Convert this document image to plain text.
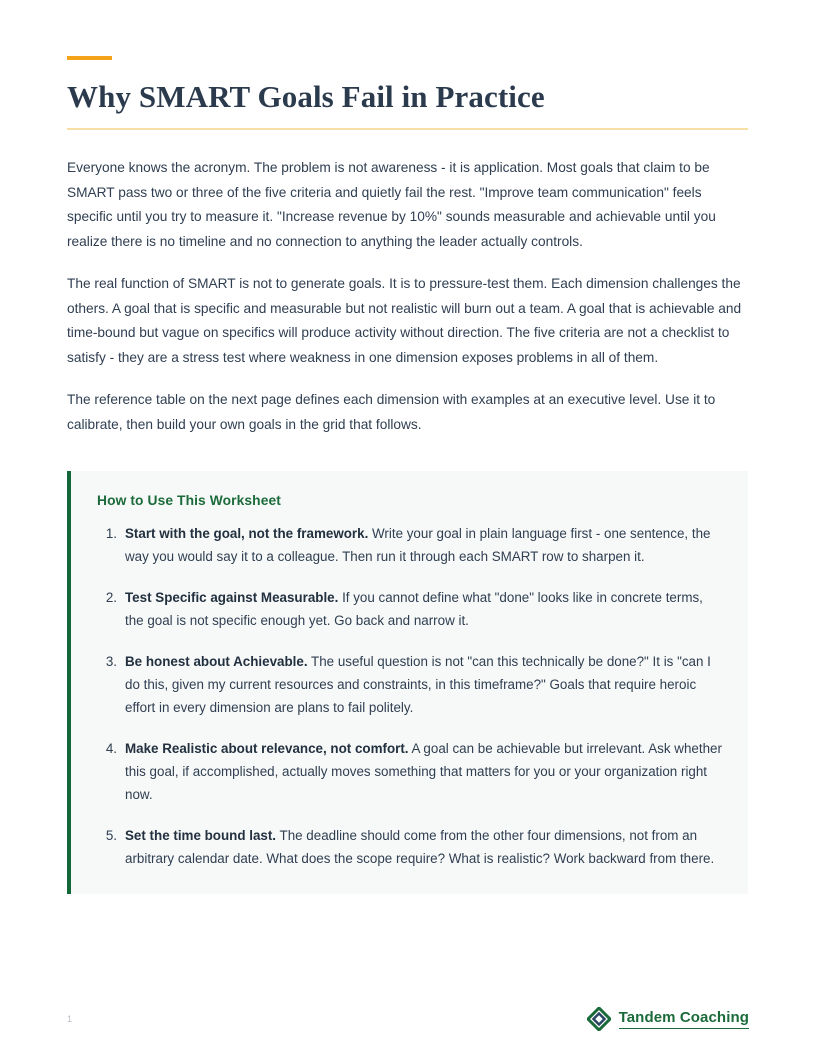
Why SMART Goals Fail in Practice

Everyone knows the acronym. The problem is not awareness - it is application. Most goals that claim to be SMART pass two or three of the five criteria and quietly fail the rest. "Improve team communication" feels specific until you try to measure it. "Increase revenue by 10%" sounds measurable and achievable until you realize there is no timeline and no connection to anything the leader actually controls.

The real function of SMART is not to generate goals. It is to pressure-test them. Each dimension challenges the others. A goal that is specific and measurable but not realistic will burn out a team. A goal that is achievable and time-bound but vague on specifics will produce activity without direction. The five criteria are not a checklist to satisfy - they are a stress test where weakness in one dimension exposes problems in all of them.

The reference table on the next page defines each dimension with examples at an executive level. Use it to calibrate, then build your own goals in the grid that follows.

How to Use This Worksheet
Start with the goal, not the framework. Write your goal in plain language first - one sentence, the way you would say it to a colleague. Then run it through each SMART row to sharpen it.
Test Specific against Measurable. If you cannot define what "done" looks like in concrete terms, the goal is not specific enough yet. Go back and narrow it.
Be honest about Achievable. The useful question is not "can this technically be done?" It is "can I do this, given my current resources and constraints, in this timeframe?" Goals that require heroic effort in every dimension are plans to fail politely.
Make Realistic about relevance, not comfort. A goal can be achievable but irrelevant. Ask whether this goal, if accomplished, actually moves something that matters for you or your organization right now.
Set the time bound last. The deadline should come from the other four dimensions, not from an arbitrary calendar date. What does the scope require? What is realistic? Work backward from there.
1	Tandem Coaching
